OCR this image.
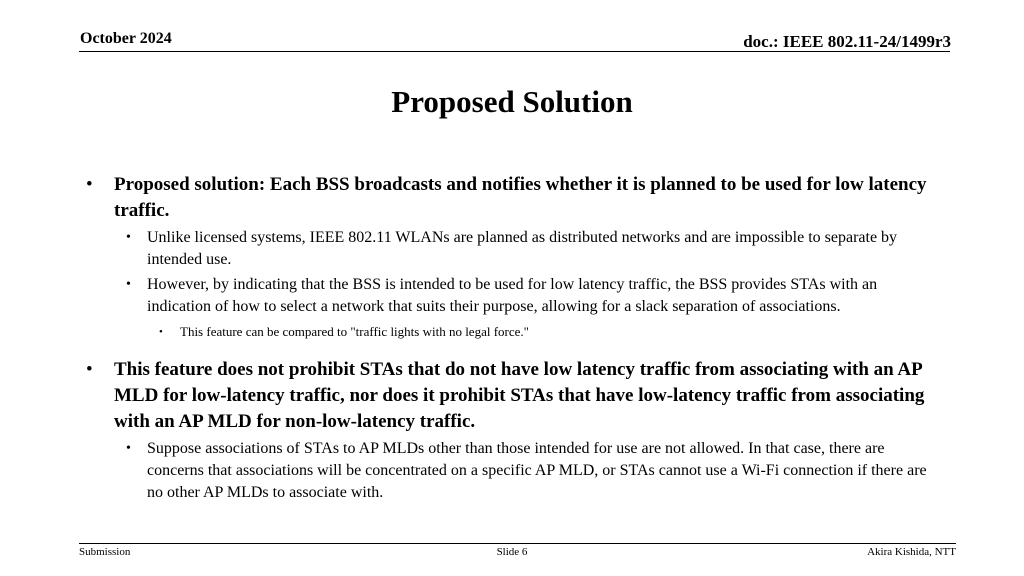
October 2024	doc.: IEEE 802.11-24/1499r3
Proposed Solution
• Proposed solution: Each BSS broadcasts and notifies whether it is planned to be used for low latency traffic.
• Unlike licensed systems, IEEE 802.11 WLANs are planned as distributed networks and are impossible to separate by intended use.
• However, by indicating that the BSS is intended to be used for low latency traffic, the BSS provides STAs with an indication of how to select a network that suits their purpose, allowing for a slack separation of associations.
• This feature can be compared to "traffic lights with no legal force."
• This feature does not prohibit STAs that do not have low latency traffic from associating with an AP MLD for low-latency traffic, nor does it prohibit STAs that have low-latency traffic from associating with an AP MLD for non-low-latency traffic.
• Suppose associations of STAs to AP MLDs other than those intended for use are not allowed. In that case, there are concerns that associations will be concentrated on a specific AP MLD, or STAs cannot use a Wi-Fi connection if there are no other AP MLDs to associate with.
Submission	Slide 6	Akira Kishida, NTT
